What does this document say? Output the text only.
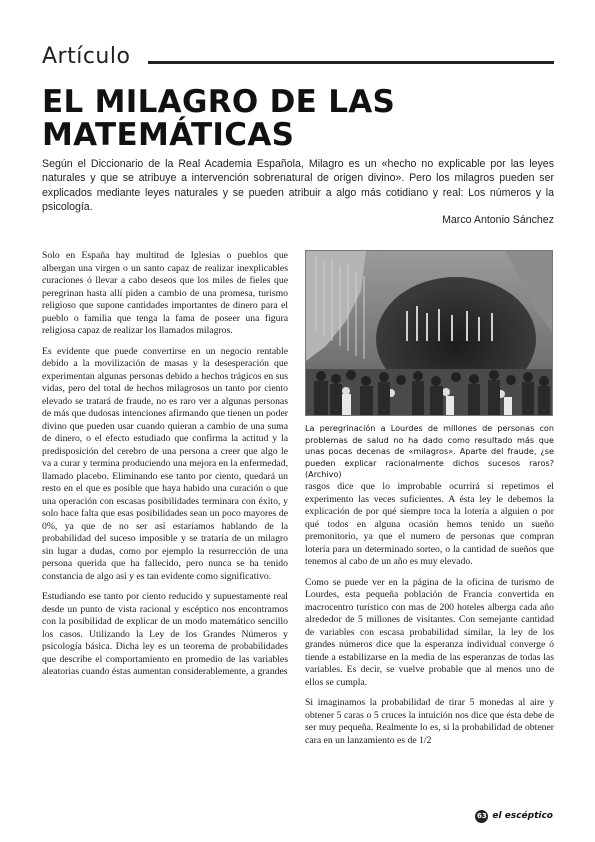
Artículo
EL MILAGRO DE LAS
MATEMÁTICAS

Según el Diccionario de la Real Academia Española, Milagro es un «hecho no explicable por las leyes naturales y que se atribuye a intervención sobrenatural de origen divino». Pero los milagros pueden ser explicados mediante leyes naturales y se pueden atribuir a algo más cotidiano y real: Los números y la psicología.

Marco Antonio Sánchez

Solo en España hay multitud de Iglesias o pueblos que albergan una virgen o un santo capaz de realizar inexplicables curaciones ó llevar a cabo deseos que los miles de fieles que peregrinan hasta allí piden a cambio de una promesa, turismo religioso que supone cantidades importantes de dinero para el pueblo o familia que tenga la fama de poseer una figura religiosa capaz de realizar los llamados milagros.

Es evidente que puede convertirse en un negocio rentable debido a la movilización de masas y la desesperación que experimentan algunas personas debido a hechos trágicos en sus vidas, pero del total de hechos milagrosos un tanto por ciento elevado se tratará de fraude, no es raro ver a algunas personas de más que dudosas intenciones afirmando que tienen un poder divino que pueden usar cuando quieran a cambio de una suma de dinero, o el efecto estudiado que confirma la actitud y la predisposición del cerebro de una persona a creer que algo le va a curar y termina produciendo una mejora en la enfermedad, llamado placebo. Eliminando ese tanto por ciento, quedará un resto en el que es posible que haya habido una curación o que una operación con escasas posibilidades terminara con éxito, y solo hace falta que esas posibilidades sean un poco mayores de 0%, ya que de no ser así estaríamos hablando de la probabilidad del suceso imposible y se trataría de un milagro sin lugar a dudas, como por ejemplo la resurrección de una persona querida que ha fallecido, pero nunca se ha tenido constancia de algo así y es tan evidente como significativo.

Estudiando ese tanto por ciento reducido y supuestamente real desde un punto de vista racional y escéptico nos encontramos con la posibilidad de explicar de un modo matemático sencillo los casos. Utilizando la Ley de los Grandes Números y psicología básica. Dicha ley es un teorema de probabilidades que describe el comportamiento en promedio de las variables aleatorias cuando éstas aumentan considerablemente, a grandes

La peregrinación a Lourdes de millones de personas con problemas de salud no ha dado como resultado más que unas pocas decenas de «milagros». Aparte del fraude, ¿se pueden explicar racionalmente dichos sucesos raros? (Archivo)

rasgos dice que lo improbable ocurrirá si repetimos el experimento las veces suficientes. A ésta ley le debemos la explicación de por qué siempre toca la lotería a alguien o por qué todos en alguna ocasión hemos tenido un sueño premonitorio, ya que el numero de personas que compran lotería para un determinado sorteo, o la cantidad de sueños que tenemos al cabo de un año es muy elevado.

Como se puede ver en la página de la oficina de turismo de Lourdes, esta pequeña población de Francia convertida en macrocentro turístico con mas de 200 hoteles alberga cada año alrededor de 5 millones de visitantes. Con semejante cantidad de variables con escasa probabilidad similar, la ley de los grandes números dice que la esperanza individual converge ó tiende a estabilizarse en la media de las esperanzas de todas las variables. Es decir, se vuelve probable que al menos uno de ellos se cumpla.

Si imaginamos la probabilidad de tirar 5 monedas al aire y obtener 5 caras o 5 cruces la intuición nos dice que ésta debe de ser muy pequeña. Realmente lo es, si la probabilidad de obtener cara en un lanzamiento es de 1/2

63 el escéptico
